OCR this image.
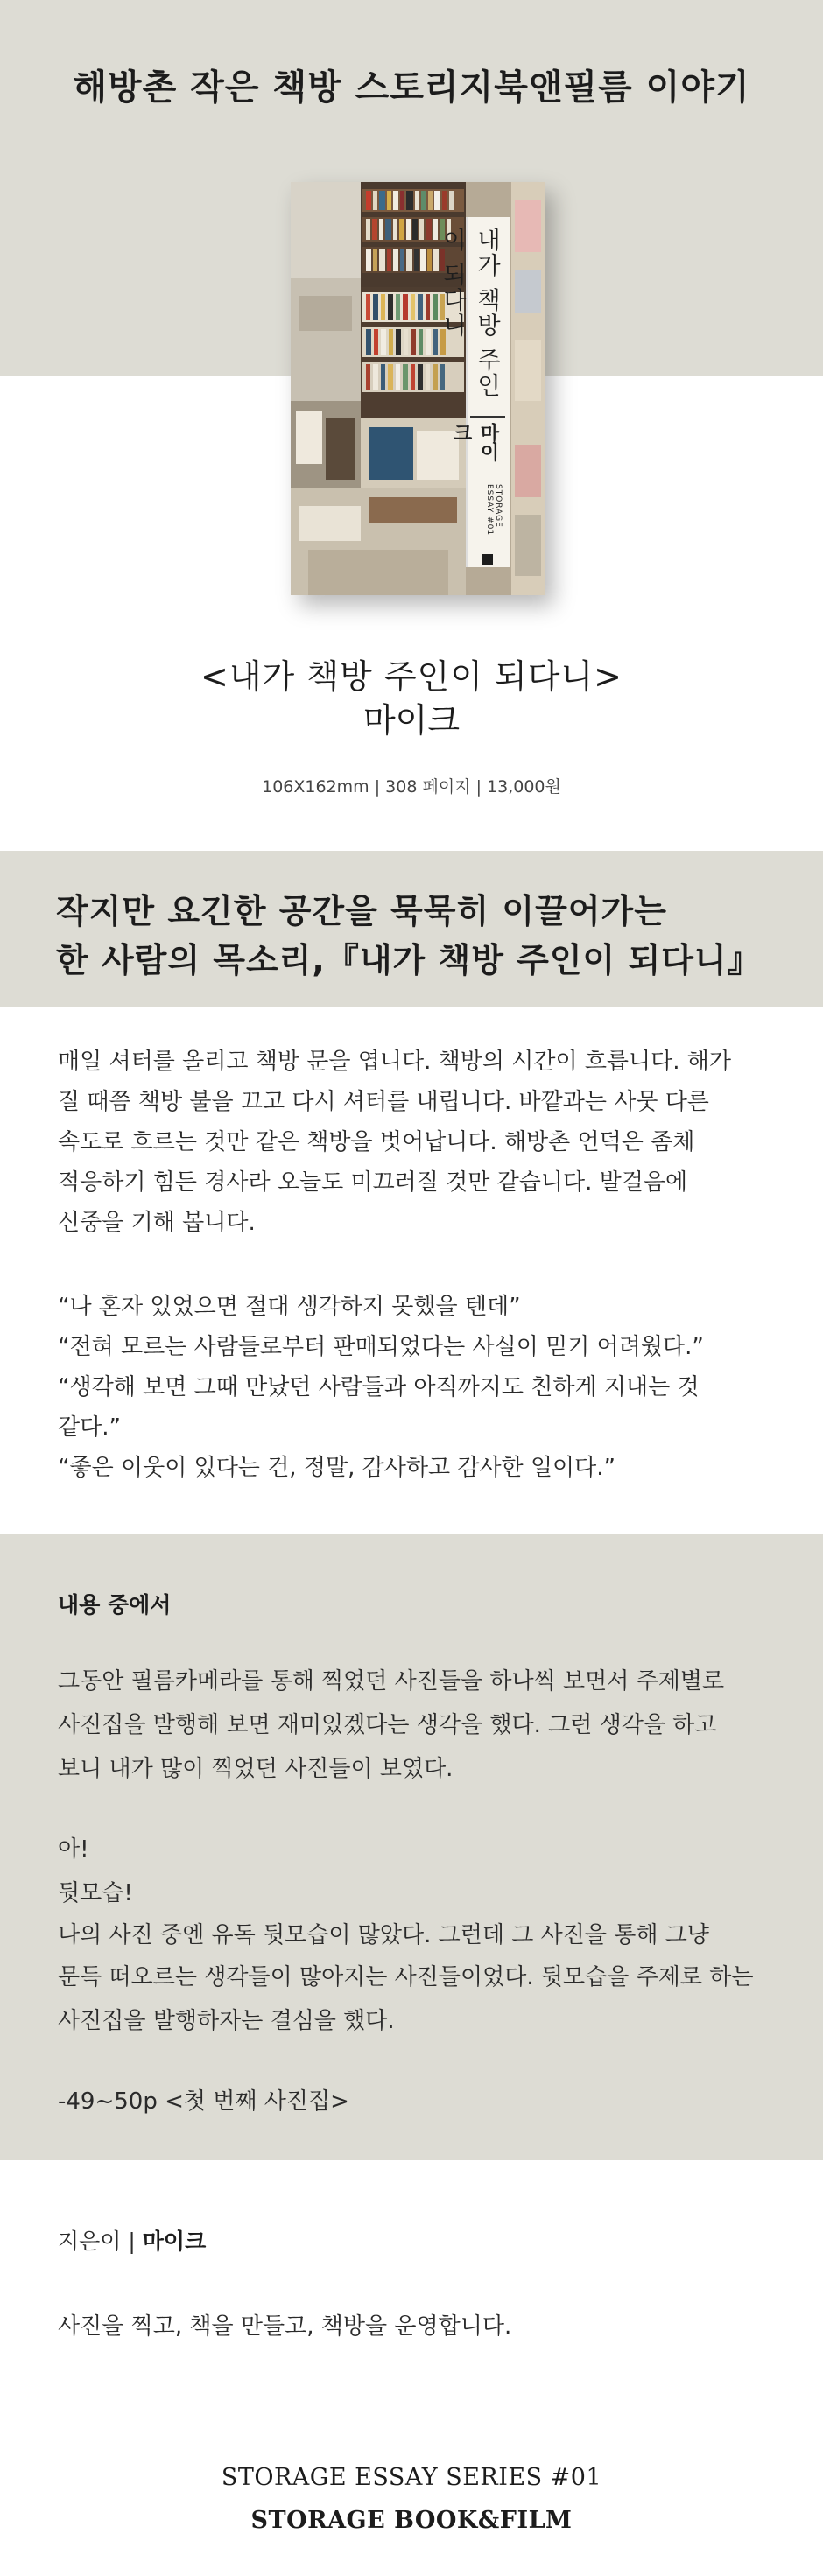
해방촌 작은 책방 스토리지북앤필름 이야기
내가 책방 주인이 되다니
마이크
STORAGE ESSAY #01
<내가 책방 주인이 되다니>
마이크
106X162mm | 308 페이지 | 13,000원
작지만 요긴한 공간을 묵묵히 이끌어가는
한 사람의 목소리,『내가 책방 주인이 되다니』
매일 셔터를 올리고 책방 문을 엽니다. 책방의 시간이 흐릅니다. 해가
질 때쯤 책방 불을 끄고 다시 셔터를 내립니다. 바깥과는 사뭇 다른
속도로 흐르는 것만 같은 책방을 벗어납니다. 해방촌 언덕은 좀체
적응하기 힘든 경사라 오늘도 미끄러질 것만 같습니다. 발걸음에
신중을 기해 봅니다.
“나 혼자 있었으면 절대 생각하지 못했을 텐데”
“전혀 모르는 사람들로부터 판매되었다는 사실이 믿기 어려웠다.”
“생각해 보면 그때 만났던 사람들과 아직까지도 친하게 지내는 것
같다.”
“좋은 이웃이 있다는 건, 정말, 감사하고 감사한 일이다.”
내용 중에서
그동안 필름카메라를 통해 찍었던 사진들을 하나씩 보면서 주제별로
사진집을 발행해 보면 재미있겠다는 생각을 했다. 그런 생각을 하고
보니 내가 많이 찍었던 사진들이 보였다.
아!
뒷모습!
나의 사진 중엔 유독 뒷모습이 많았다. 그런데 그 사진을 통해 그냥
문득 떠오르는 생각들이 많아지는 사진들이었다. 뒷모습을 주제로 하는
사진집을 발행하자는 결심을 했다.
-49~50p <첫 번째 사진집>
지은이 | 마이크
사진을 찍고, 책을 만들고, 책방을 운영합니다.
STORAGE ESSAY SERIES #01
STORAGE BOOK&FILM
